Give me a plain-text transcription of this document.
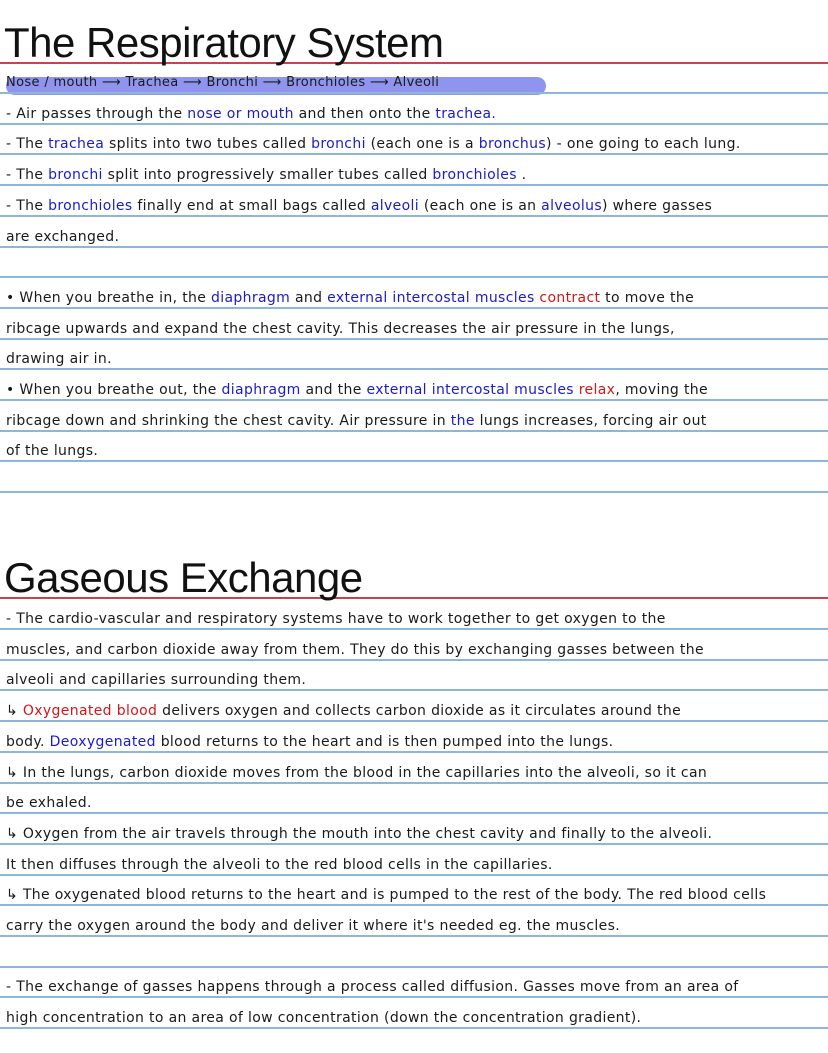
The Respiratory System
Gaseous Exchange
Nose / mouth ⟶ Trachea ⟶ Bronchi ⟶ Bronchioles ⟶ Alveoli
- Air passes through the nose or mouth and then onto the trachea.
- The trachea splits into two tubes called bronchi (each one is a bronchus) - one going to each lung.
- The bronchi split into progressively smaller tubes called bronchioles .
- The bronchioles finally end at small bags called alveoli (each one is an alveolus) where gasses
are exchanged.
• When you breathe in, the diaphragm and external intercostal muscles contract to move the
ribcage upwards and expand the chest cavity. This decreases the air pressure in the lungs,
drawing air in.
• When you breathe out, the diaphragm and the external intercostal muscles relax, moving the
ribcage down and shrinking the chest cavity. Air pressure in the lungs increases, forcing air out
of the lungs.
- The cardio-vascular and respiratory systems have to work together to get oxygen to the
muscles, and carbon dioxide away from them. They do this by exchanging gasses between the
alveoli and capillaries surrounding them.
↳ Oxygenated blood delivers oxygen and collects carbon dioxide as it circulates around the
body. Deoxygenated blood returns to the heart and is then pumped into the lungs.
↳ In the lungs, carbon dioxide moves from the blood in the capillaries into the alveoli, so it can
be exhaled.
↳ Oxygen from the air travels through the mouth into the chest cavity and finally to the alveoli.
It then diffuses through the alveoli to the red blood cells in the capillaries.
↳ The oxygenated blood returns to the heart and is pumped to the rest of the body. The red blood cells
carry the oxygen around the body and deliver it where it's needed eg. the muscles.
- The exchange of gasses happens through a process called diffusion. Gasses move from an area of
high concentration to an area of low concentration (down the concentration gradient).
